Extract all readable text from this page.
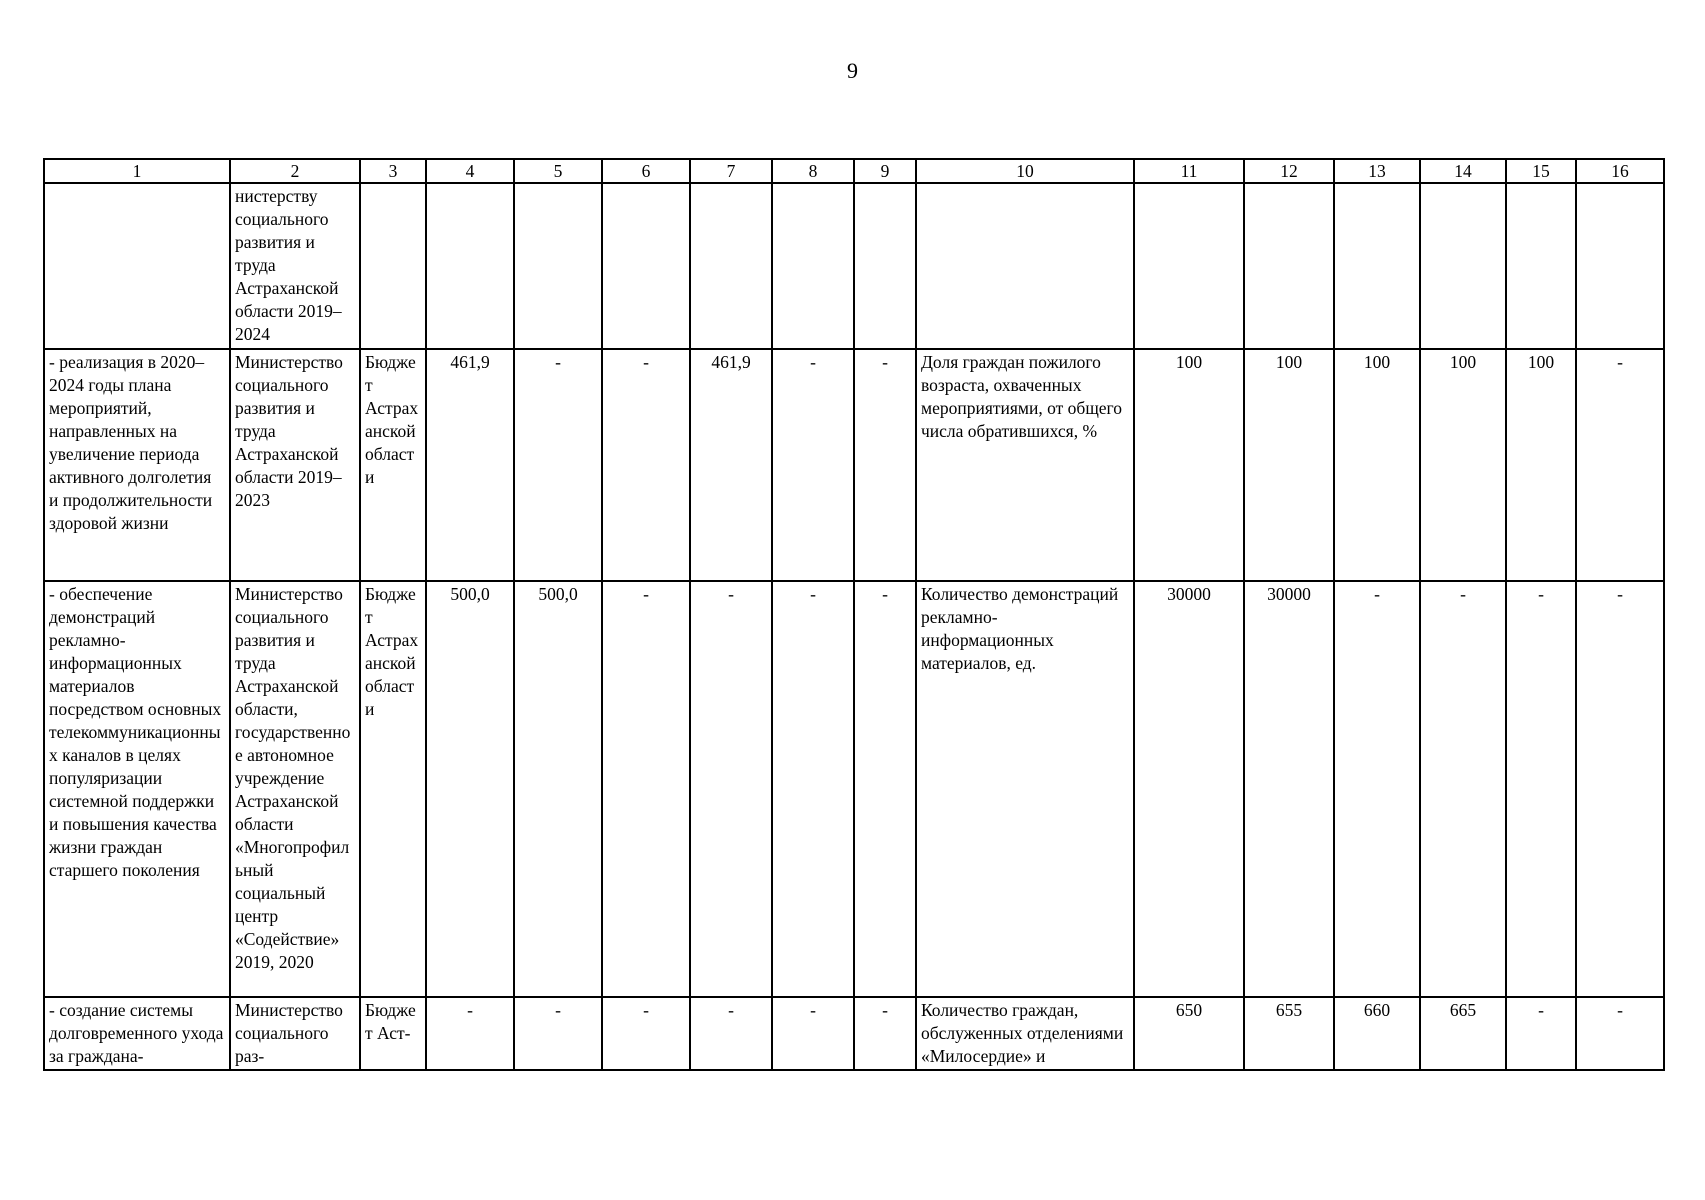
9
1	2	3	4	5	6	7	8	9	10	11	12	13	14	15	16
	нистерству социального развития и труда Астраханской области 2019–2024														
- реализация в 2020–2024 годы плана мероприятий, направленных на увеличение периода активного долголетия и продолжительности здоровой жизни	Министерство социального развития и труда Астраханской области 2019–2023	Бюджет Астраханской области	461,9	-	-	461,9	-	-	Доля граждан пожилого возраста, охваченных мероприятиями, от общего числа обратившихся, %	100	100	100	100	100	-
- обеспечение демонстраций рекламно-информационных материалов посредством основных телекоммуникационных каналов в целях популяризации системной поддержки и повышения качества жизни граждан старшего поколения	Министерство социального развития и труда Астраханской области, государственное автономное учреждение Астраханской области «Многопрофильный социальный центр «Содействие» 2019, 2020	Бюджет Астраханской области	500,0	500,0	-	-	-	-	Количество демонстраций рекламно-информационных материалов, ед.	30000	30000	-	-	-	-
- создание системы долговременного ухода за граждана-	Министерство социального раз-	Бюджет Аст-	-	-	-	-	-	-	Количество граждан, обслуженных отделениями «Милосердие» и	650	655	660	665	-	-
